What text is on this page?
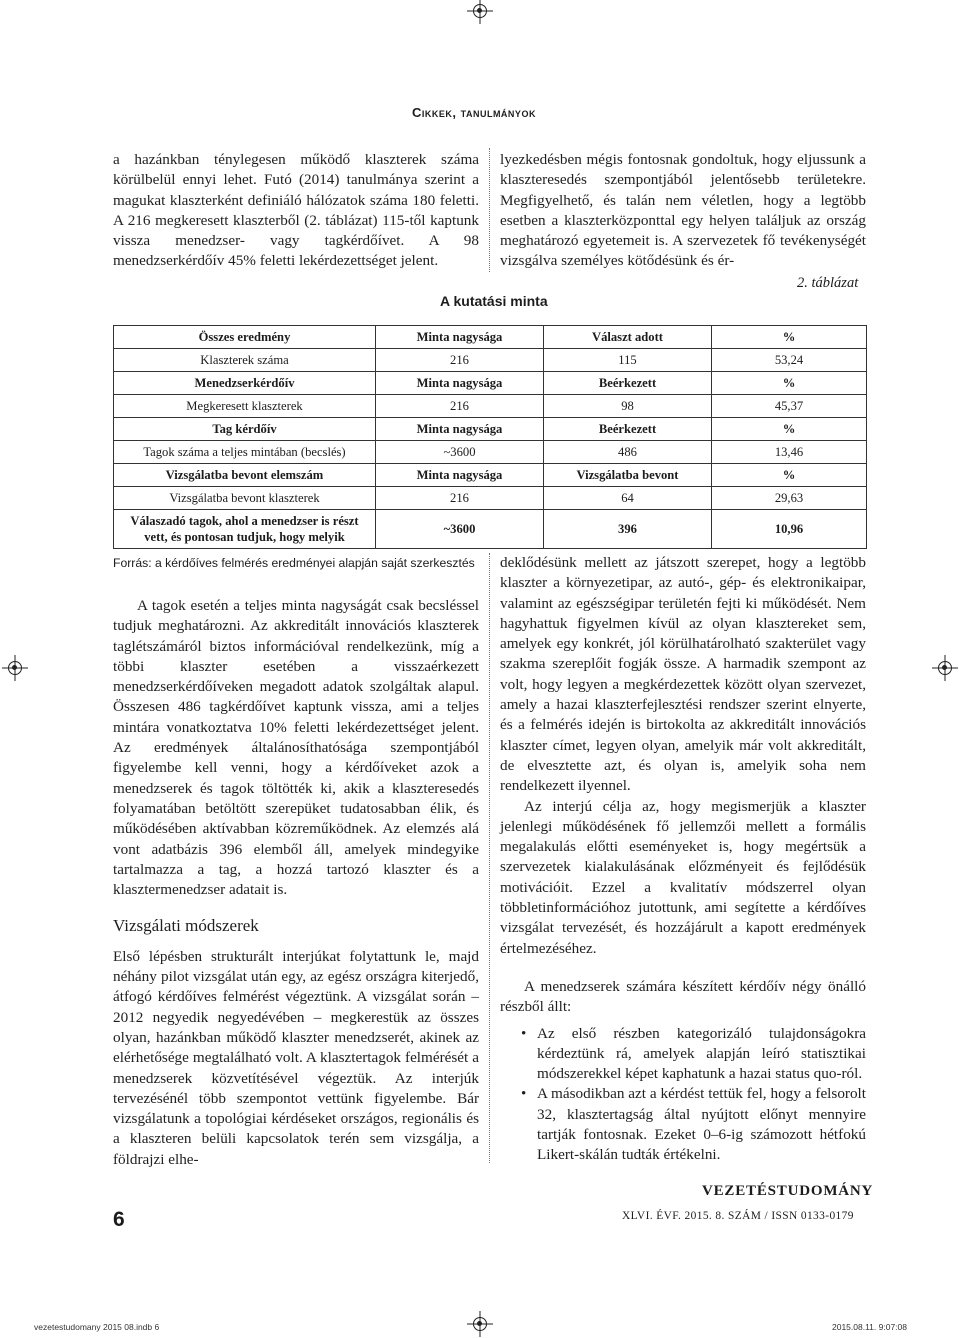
Cikkek, tanulmányok

a hazánkban ténylegesen működő klaszterek száma körülbelül ennyi lehet. Futó (2014) tanulmánya szerint a magukat klaszterként definiáló hálózatok száma 180 feletti. A 216 megkeresett klaszterből (2. táblázat) 115-től kaptunk vissza menedzser- vagy tagkérdőívet. A 98 menedzserkérdőív 45% feletti lekérdezettséget jelent.

lyezkedésben mégis fontosnak gondoltuk, hogy eljussunk a klaszteresedés szempontjából jelentősebb területekre. Megfigyelhető, és talán nem véletlen, hogy a legtöbb esetben a klaszterközponttal egy helyen találjuk az ország meghatározó egyetemeit is. A szervezetek fő tevékenységét vizsgálva személyes kötődésünk és ér-

2. táblázat
A kutatási minta
Összes eredmény	Minta nagysága	Választ adott	%
Klaszterek száma	216	115	53,24
Menedzserkérdőív	Minta nagysága	Beérkezett	%
Megkeresett klaszterek	216	98	45,37
Tag kérdőív	Minta nagysága	Beérkezett	%
Tagok száma a teljes mintában (becslés)	~3600	486	13,46
Vizsgálatba bevont elemszám	Minta nagysága	Vizsgálatba bevont	%
Vizsgálatba bevont klaszterek	216	64	29,63
Válaszadó tagok, ahol a menedzser is részt vett, és pontosan tudjuk, hogy melyik	~3600	396	10,96
Forrás: a kérdőíves felmérés eredményei alapján saját szerkesztés

A tagok esetén a teljes minta nagyságát csak becsléssel tudjuk meghatározni. Az akkreditált innovációs klaszterek taglétszámáról biztos információval rendelkezünk, míg a többi klaszter esetében a visszaérkezett menedzserkérdőíveken megadott adatok szolgáltak alapul. Összesen 486 tagkérdőívet kaptunk vissza, ami a teljes mintára vonatkoztatva 10% feletti lekérdezettséget jelent. Az eredmények általánosíthatósága szempontjából figyelembe kell venni, hogy a kérdőíveket azok a menedzserek és tagok töltötték ki, akik a klaszteresedés folyamatában betöltött szerepüket tudatosabban élik, és működésében aktívabban közreműködnek. Az elemzés alá vont adatbázis 396 elemből áll, amelyek mindegyike tartalmazza a tag, a hozzá tartozó klaszter és a klasztermenedzser adatait is.

Vizsgálati módszerek

Első lépésben strukturált interjúkat folytattunk le, majd néhány pilot vizsgálat után egy, az egész országra kiterjedő, átfogó kérdőíves felmérést végeztünk. A vizsgálat során – 2012 negyedik negyedévében – megkerestük az összes olyan, hazánkban működő klaszter menedzserét, akinek az elérhetősége megtalálható volt. A klasztertagok felmérését a menedzserek közvetítésével végeztük. Az interjúk tervezésénél több szempontot vettünk figyelembe. Bár vizsgálatunk a topológiai kérdéseket országos, regionális és a klaszteren belüli kapcsolatok terén sem vizsgálja, a földrajzi elhe-

deklődésünk mellett az játszott szerepet, hogy a legtöbb klaszter a környezetipar, az autó-, gép- és elektronikaipar, valamint az egészségipar területén fejti ki működését. Nem hagyhattuk figyelmen kívül az olyan klasztereket sem, amelyek egy konkrét, jól körülhatárolható szakterület vagy szakma szereplőit fogják össze. A harmadik szempont az volt, hogy legyen a megkérdezettek között olyan szervezet, amely a hazai klaszterfejlesztési rendszer szerint elnyerte, és a felmérés idején is birtokolta az akkreditált innovációs klaszter címet, legyen olyan, amelyik már volt akkreditált, de elvesztette azt, és olyan is, amelyik soha nem rendelkezett ilyennel.

Az interjú célja az, hogy megismerjük a klaszter jelenlegi működésének fő jellemzői mellett a formális megalakulás előtti eseményeket is, hogy megértsük a szervezetek kialakulásának előzményeit és fejlődésük motivációit. Ezzel a kvalitatív módszerrel olyan többletinformációhoz jutottunk, ami segítette a kérdőíves vizsgálat tervezését, és hozzájárult a kapott eredmények értelmezéséhez.

A menedzserek számára készített kérdőív négy önálló részből állt:

• Az első részben kategorizáló tulajdonságokra kérdeztünk rá, amelyek alapján leíró statisztikai módszerekkel képet kaphatunk a hazai status quo-ról.
• A másodikban azt a kérdést tettük fel, hogy a felsorolt 32, klasztertagság által nyújtott előnyt mennyire tartják fontosnak. Ezeket 0–6-ig számozott hétfokú Likert-skálán tudták értékelni.
6
VEZETÉSTUDOMÁNY
XLVI. ÉVF. 2015. 8. SZÁM / ISSN 0133-0179
vezetestudomany 2015 08.indb 6	2015.08.11. 9:07:08
